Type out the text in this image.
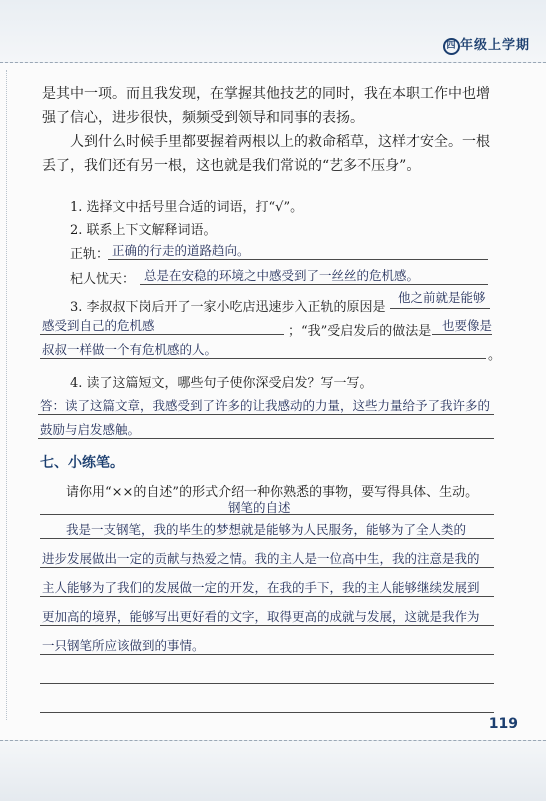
四 年级上学期
是其中一项。而且我发现，在掌握其他技艺的同时，我在本职工作中也增
强了信心，进步很快，频频受到领导和同事的表扬。
人到什么时候手里都要握着两根以上的救命稻草，这样才安全。一根
丢了，我们还有另一根，这也就是我们常说的“艺多不压身”。
1. 选择文中括号里合适的词语，打“√”。
2. 联系上下文解释词语。
正轨： 正确的行走的道路趋向。
杞人忧天： 总是在安稳的环境之中感受到了一丝丝的危机感。
3. 李叔叔下岗后开了一家小吃店迅速步入正轨的原因是
他之前就是能够
感受到自己的危机感	；“我”受启发后的做法是 也要像是
叔叔一样做一个有危机感的人。	。
4. 读了这篇短文，哪些句子使你深受启发？写一写。
答：读了这篇文章，我感受到了许多的让我感动的力量，这些力量给予了我许多的
鼓励与启发感触。
七、小练笔。
请你用“××的自述”的形式介绍一种你熟悉的事物，要写得具体、生动。
钢笔的自述
我是一支钢笔，我的毕生的梦想就是能够为人民服务，能够为了全人类的
进步发展做出一定的贡献与热爱之情。我的主人是一位高中生，我的注意是我的
主人能够为了我们的发展做一定的开发，在我的手下，我的主人能够继续发展到
更加高的境界，能够写出更好看的文字，取得更高的成就与发展，这就是我作为
一只钢笔所应该做到的事情。
119
